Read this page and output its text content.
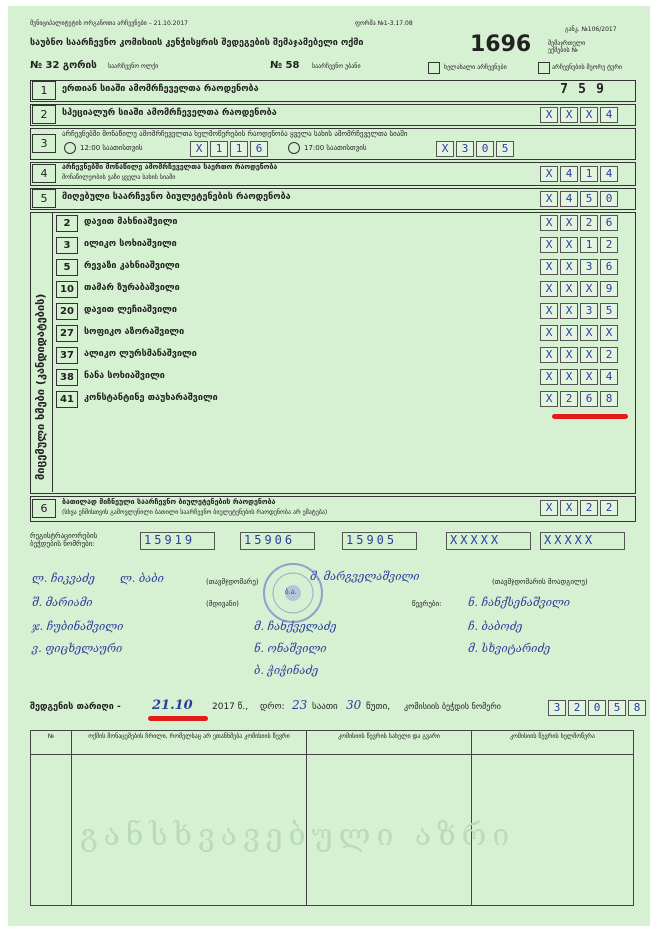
მუნიციპალიტეტის ორგანოთა არჩევნები – 21.10.2017	ფორმა №1-3.17.08
განკ. №106/2017
საუბნო საარჩევნო კომისიის კენჭისყრის შედეგების შემაჯამებელი ოქმი	1696	შემაჯრთული ექმების №
№ 32 გორის საარჩევნო ოლქი	№ 58 საარჩევნო უბანი	ხელახალი არჩევნები	არჩევნების მეორე ტური
1	ერთიან სიაში ამომრჩეველთა რაოდენობა	7 5 9
2	სპეციალურ სიაში ამომრჩეველთა რაოდენობა	X	X	X	4
3
არჩევნებში მონაწილე ამომრჩეველთა ხელმოწერების რაოდენობა ყველა სახის ამომრჩეველთა სიაში
12:00 საათისთვის	X	1	1	6	17:00 საათისთვის	X	3	0	5
4	არჩევნებში მონაწილე ამომრჩეველთა საერთო რაოდენობა
მონაწილეობის ვაზი ყველა სახის სიაში	X	4	1	4
5	მიღებული საარჩევნო ბიულეტენების რაოდენობა	X	4	5	0
მიცემული ხმები (კანდიდატების)
2	დავით მახნიაშვილი	X	X	2	6
3	ილიკო სოხიაშვილი	X	X	1	2
5	რევაზი კახნიაშვილი	X	X	3	6
10	თამარ ზურაბაშვილი	X	X	X	9
20	დავით ლეჩიაშვილი	X	X	3	5
27	სოფიკო აზორაშვილი	X	X	X	X
37	ალიკო ლურსმანაშვილი	X	X	X	2
38	ნანა სოხიაშვილი	X	X	X	4
41	კონსტანტინე თაუხარაშვილი	X	2	6	8
6	ბათილად მიჩნეული საარჩევნო ბიულეტენების რაოდენობა
(სხვა ენმისთვის გამოვლენილი ბათილი საარჩევნო ბიულეტენების რაოდენობა არ ემატება)	X	X	2	2
რეგისტრაციორების ბეჭდების ნომრები:	15919	15906	15905	XXXXX	XXXXX
(თავმჯდომარე)	(თავმჯდომარის მოადგილე)
(მდივანი)	წევრები:
ლ. ჩიკვაძე ლ. ბაბი	მ. მარგველაშვილი
შ. მარიამი	ნ. ჩანქსენაშვილი
ჯ. ჩუბინაშვილი	მ. ჩანქველაძე	ჩ. ბაბოძე
ვ. ფიცხელაური	ნ. ონაშვილი	მ. სხვიტარიძე
ბ. ჭიჭინაძე
ბ.ა.
შედგენის თარიღი - 21.10 2017 წ., დრო: 23 საათი 30 წუთი, კომისიის ბეჭდის ნომერი	3	2	0	5	8
№	ოქმის მონაცემების ჩრილი, რომელსაც არ ეთანხმება კომისიის წევრი	კომისიის წევრის სახელი და გვარი	კომისიის წევრის ხელმოწერა

განსხვავებული აზრი
